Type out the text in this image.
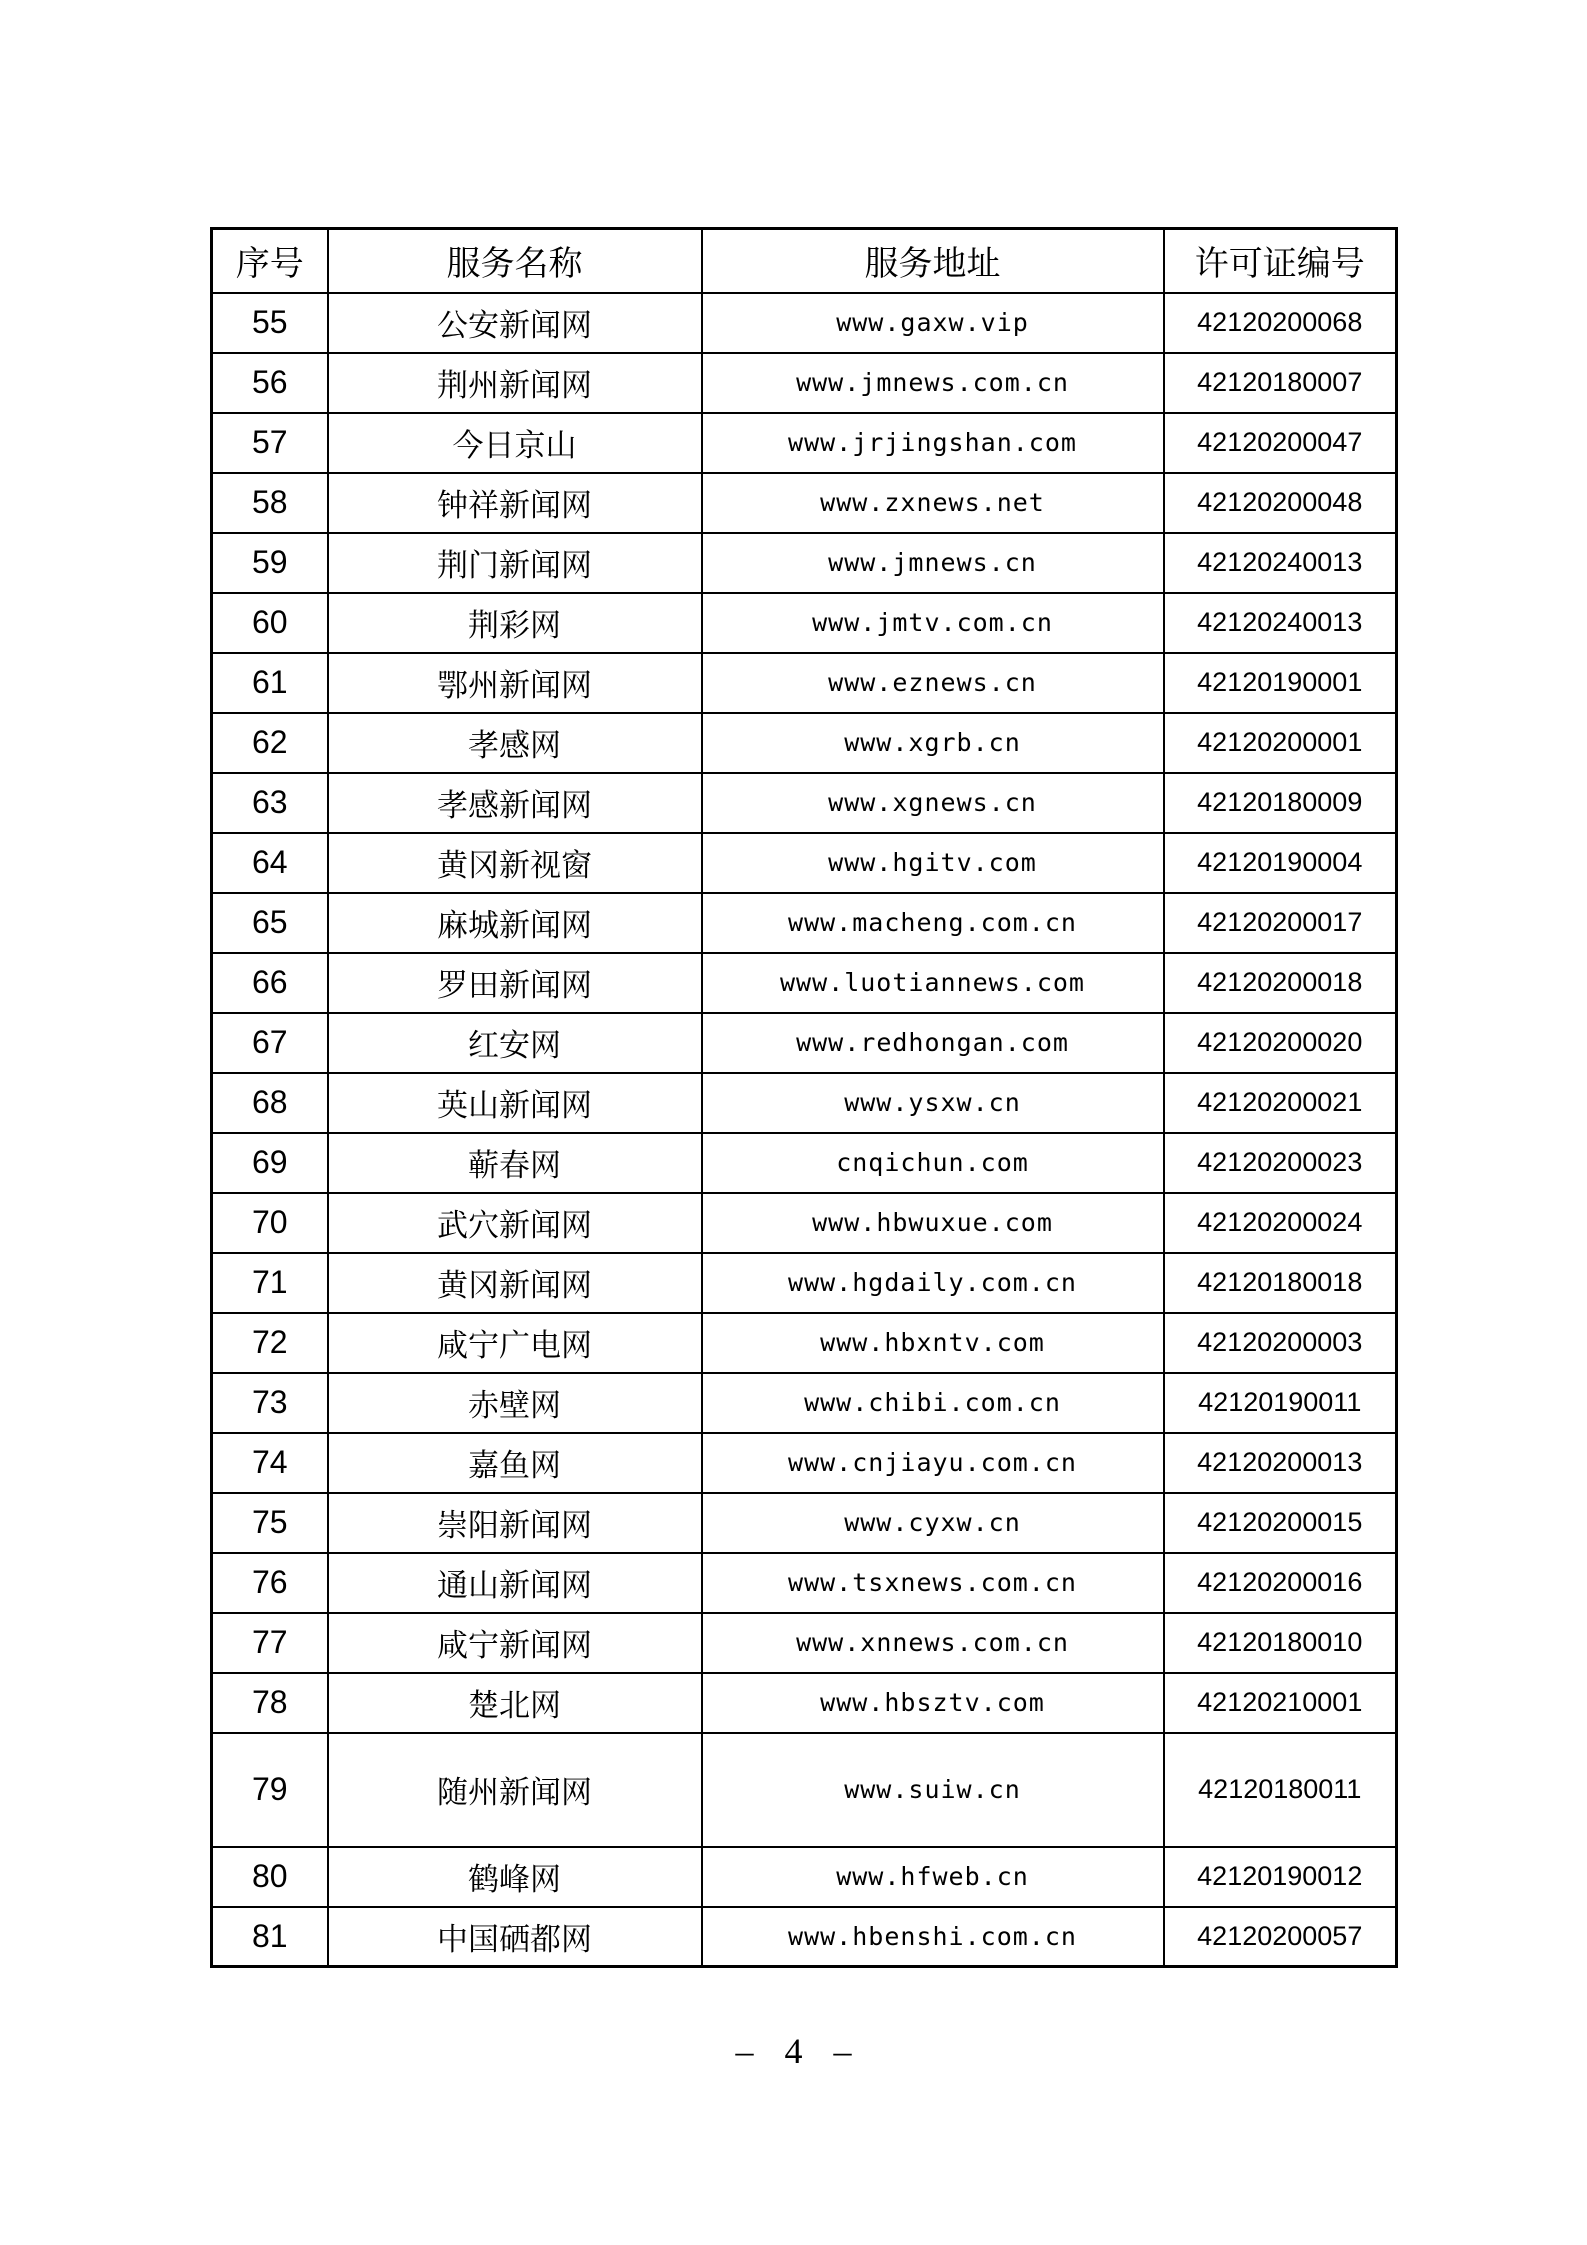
序号	服务名称	服务地址	许可证编号
55	公安新闻网	www.gaxw.vip	42120200068
56	荆州新闻网	www.jmnews.com.cn	42120180007
57	今日京山	www.jrjingshan.com	42120200047
58	钟祥新闻网	www.zxnews.net	42120200048
59	荆门新闻网	www.jmnews.cn	42120240013
60	荆彩网	www.jmtv.com.cn	42120240013
61	鄂州新闻网	www.eznews.cn	42120190001
62	孝感网	www.xgrb.cn	42120200001
63	孝感新闻网	www.xgnews.cn	42120180009
64	黄冈新视窗	www.hgitv.com	42120190004
65	麻城新闻网	www.macheng.com.cn	42120200017
66	罗田新闻网	www.luotiannews.com	42120200018
67	红安网	www.redhongan.com	42120200020
68	英山新闻网	www.ysxw.cn	42120200021
69	蕲春网	cnqichun.com	42120200023
70	武穴新闻网	www.hbwuxue.com	42120200024
71	黄冈新闻网	www.hgdaily.com.cn	42120180018
72	咸宁广电网	www.hbxntv.com	42120200003
73	赤壁网	www.chibi.com.cn	42120190011
74	嘉鱼网	www.cnjiayu.com.cn	42120200013
75	崇阳新闻网	www.cyxw.cn	42120200015
76	通山新闻网	www.tsxnews.com.cn	42120200016
77	咸宁新闻网	www.xnnews.com.cn	42120180010
78	楚北网	www.hbsztv.com	42120210001
79	随州新闻网	www.suiw.cn	42120180011
80	鹤峰网	www.hfweb.cn	42120190012
81	中国硒都网	www.hbenshi.com.cn	42120200057
– 4 –
